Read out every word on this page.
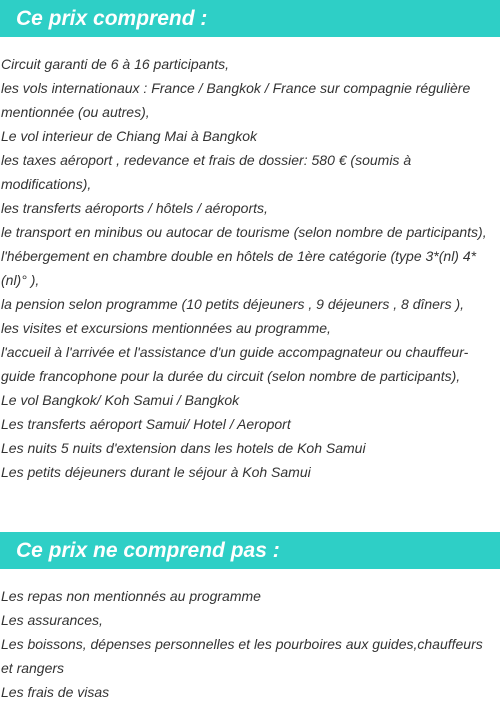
Ce prix comprend :
Circuit garanti de 6 à 16 participants,
les vols internationaux : France / Bangkok / France sur compagnie régulière mentionnée (ou autres),
Le vol interieur de Chiang Mai à Bangkok
les taxes aéroport , redevance et frais de dossier: 580 € (soumis à modifications),
les transferts aéroports / hôtels / aéroports,
le transport en minibus ou autocar de tourisme (selon nombre de participants),
l'hébergement en chambre double en hôtels de 1ère catégorie (type 3*(nl) 4*(nl)° ),
la pension selon programme (10 petits déjeuners , 9 déjeuners , 8 dîners ),
les visites et excursions mentionnées au programme,
l'accueil à l'arrivée et l'assistance d'un guide accompagnateur ou chauffeur-guide francophone pour la durée du circuit (selon nombre de participants),
Le vol Bangkok/ Koh Samui / Bangkok
Les transferts aéroport Samui/ Hotel / Aeroport
Les nuits 5 nuits d'extension dans les hotels de Koh Samui
Les petits déjeuners durant le séjour à Koh Samui
Ce prix ne comprend pas :
Les repas non mentionnés au programme
Les assurances,
Les boissons, dépenses personnelles et les pourboires aux guides,chauffeurs et rangers
Les frais de visas
